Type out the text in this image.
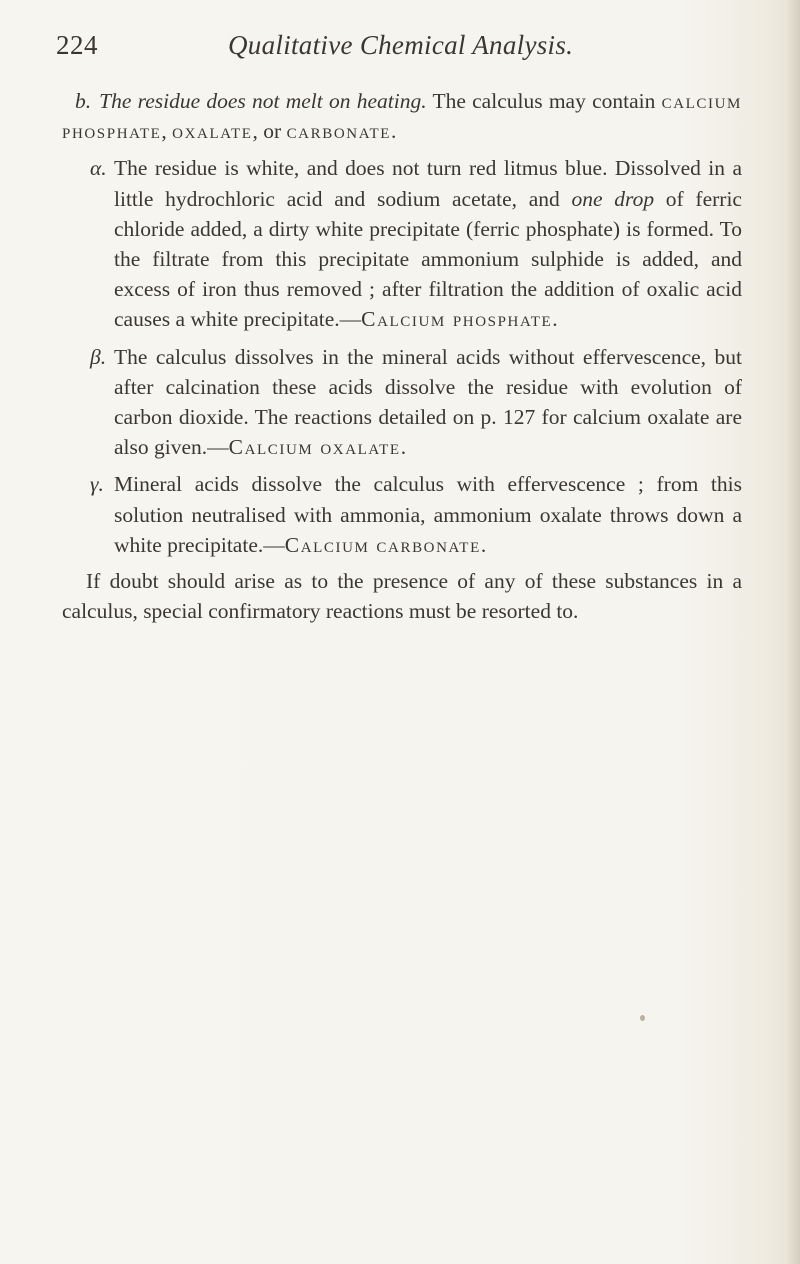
224	Qualitative Chemical Analysis.

b. The residue does not melt on heating. The calculus may contain calcium phosphate, oxalate, or carbonate.

α. The residue is white, and does not turn red litmus blue. Dissolved in a little hydrochloric acid and sodium acetate, and one drop of ferric chloride added, a dirty white precipitate (ferric phosphate) is formed. To the filtrate from this precipitate ammonium sulphide is added, and excess of iron thus removed ; after filtration the addition of oxalic acid causes a white precipitate.—Calcium phosphate.

β. The calculus dissolves in the mineral acids without effervescence, but after calcination these acids dissolve the residue with evolution of carbon dioxide. The reactions detailed on p. 127 for calcium oxalate are also given.—Calcium oxalate.

γ. Mineral acids dissolve the calculus with effervescence ; from this solution neutralised with ammonia, ammonium oxalate throws down a white precipitate.—Calcium carbonate.

If doubt should arise as to the presence of any of these substances in a calculus, special confirmatory reactions must be resorted to.
